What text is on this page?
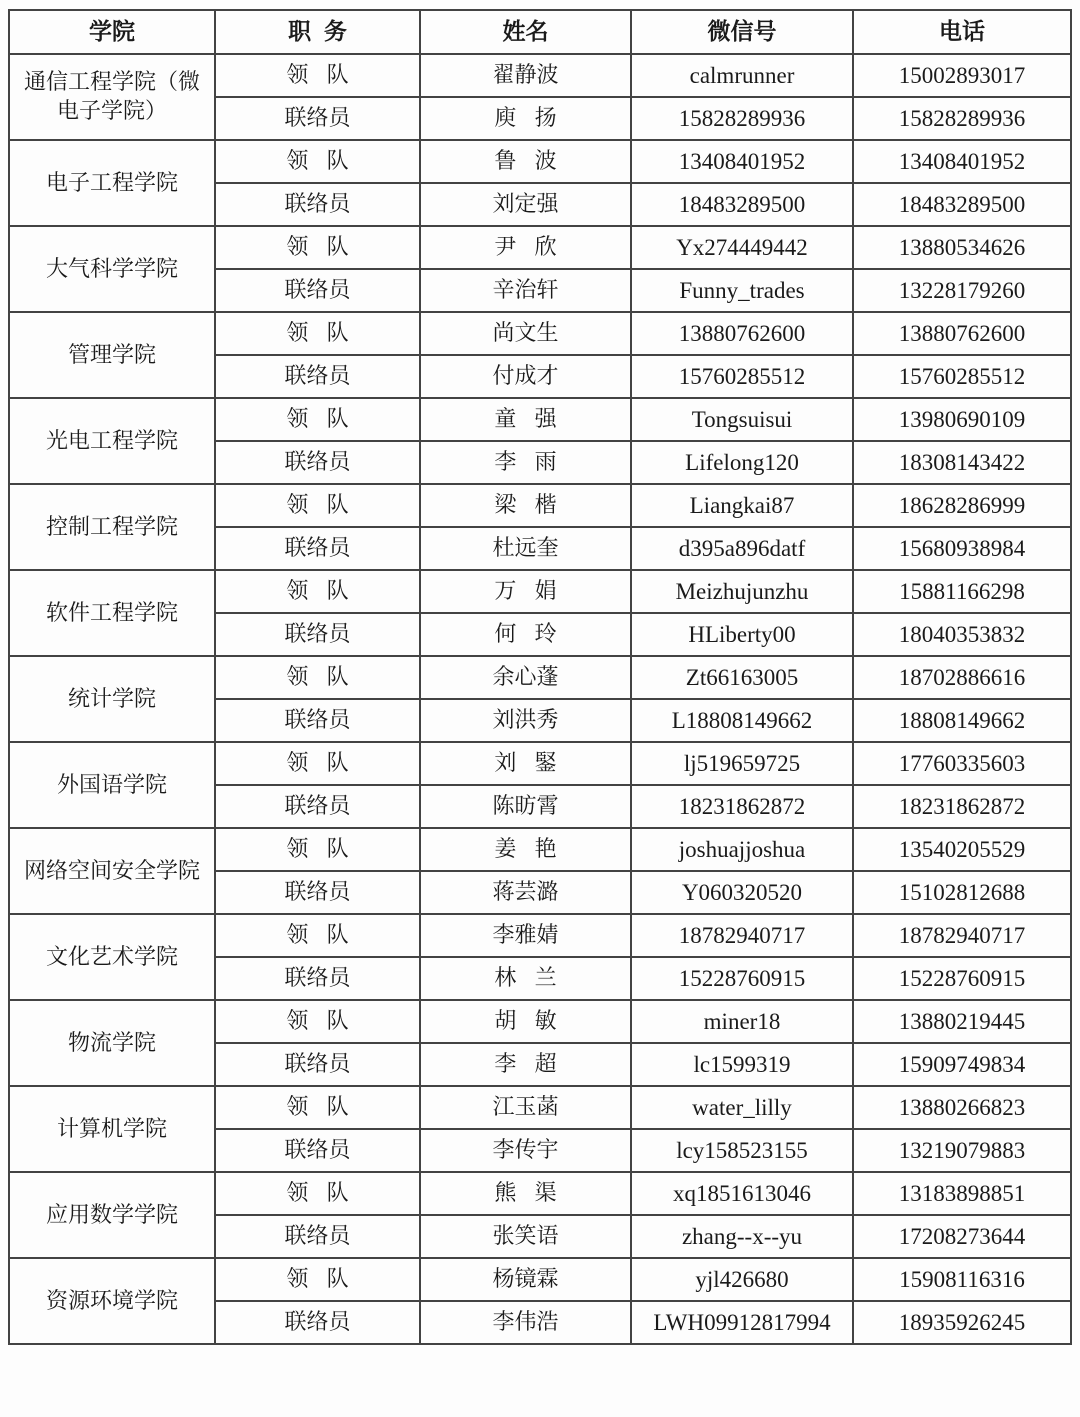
学院	职  务	姓名	微信号	电话
通信工程学院（微电子学院）	领   队	翟静波	calmrunner	15002893017
	联络员	庾   扬	15828289936	15828289936
电子工程学院	领   队	鲁   波	13408401952	13408401952
	联络员	刘定强	18483289500	18483289500
大气科学学院	领   队	尹   欣	Yx274449442	13880534626
	联络员	辛治轩	Funny_trades	13228179260
管理学院	领   队	尚文生	13880762600	13880762600
	联络员	付成才	15760285512	15760285512
光电工程学院	领   队	童   强	Tongsuisui	13980690109
	联络员	李   雨	Lifelong120	18308143422
控制工程学院	领   队	梁   楷	Liangkai87	18628286999
	联络员	杜远奎	d395a896datf	15680938984
软件工程学院	领   队	万   娟	Meizhujunzhu	15881166298
	联络员	何   玲	HLiberty00	18040353832
统计学院	领   队	余心蓬	Zt66163005	18702886616
	联络员	刘洪秀	L18808149662	18808149662
外国语学院	领   队	刘   鋻	lj519659725	17760335603
	联络员	陈昉霄	18231862872	18231862872
网络空间安全学院	领   队	姜   艳	joshuajjoshua	13540205529
	联络员	蒋芸潞	Y060320520	15102812688
文化艺术学院	领   队	李雅婧	18782940717	18782940717
	联络员	林   兰	15228760915	15228760915
物流学院	领   队	胡   敏	miner18	13880219445
	联络员	李   超	lc1599319	15909749834
计算机学院	领   队	江玉菡	water_lilly	13880266823
	联络员	李传宇	lcy158523155	13219079883
应用数学学院	领   队	熊   渠	xq1851613046	13183898851
	联络员	张笑语	zhang--x--yu	17208273644
资源环境学院	领   队	杨镜霖	yjl426680	15908116316
	联络员	李伟浩	LWH09912817994	18935926245
